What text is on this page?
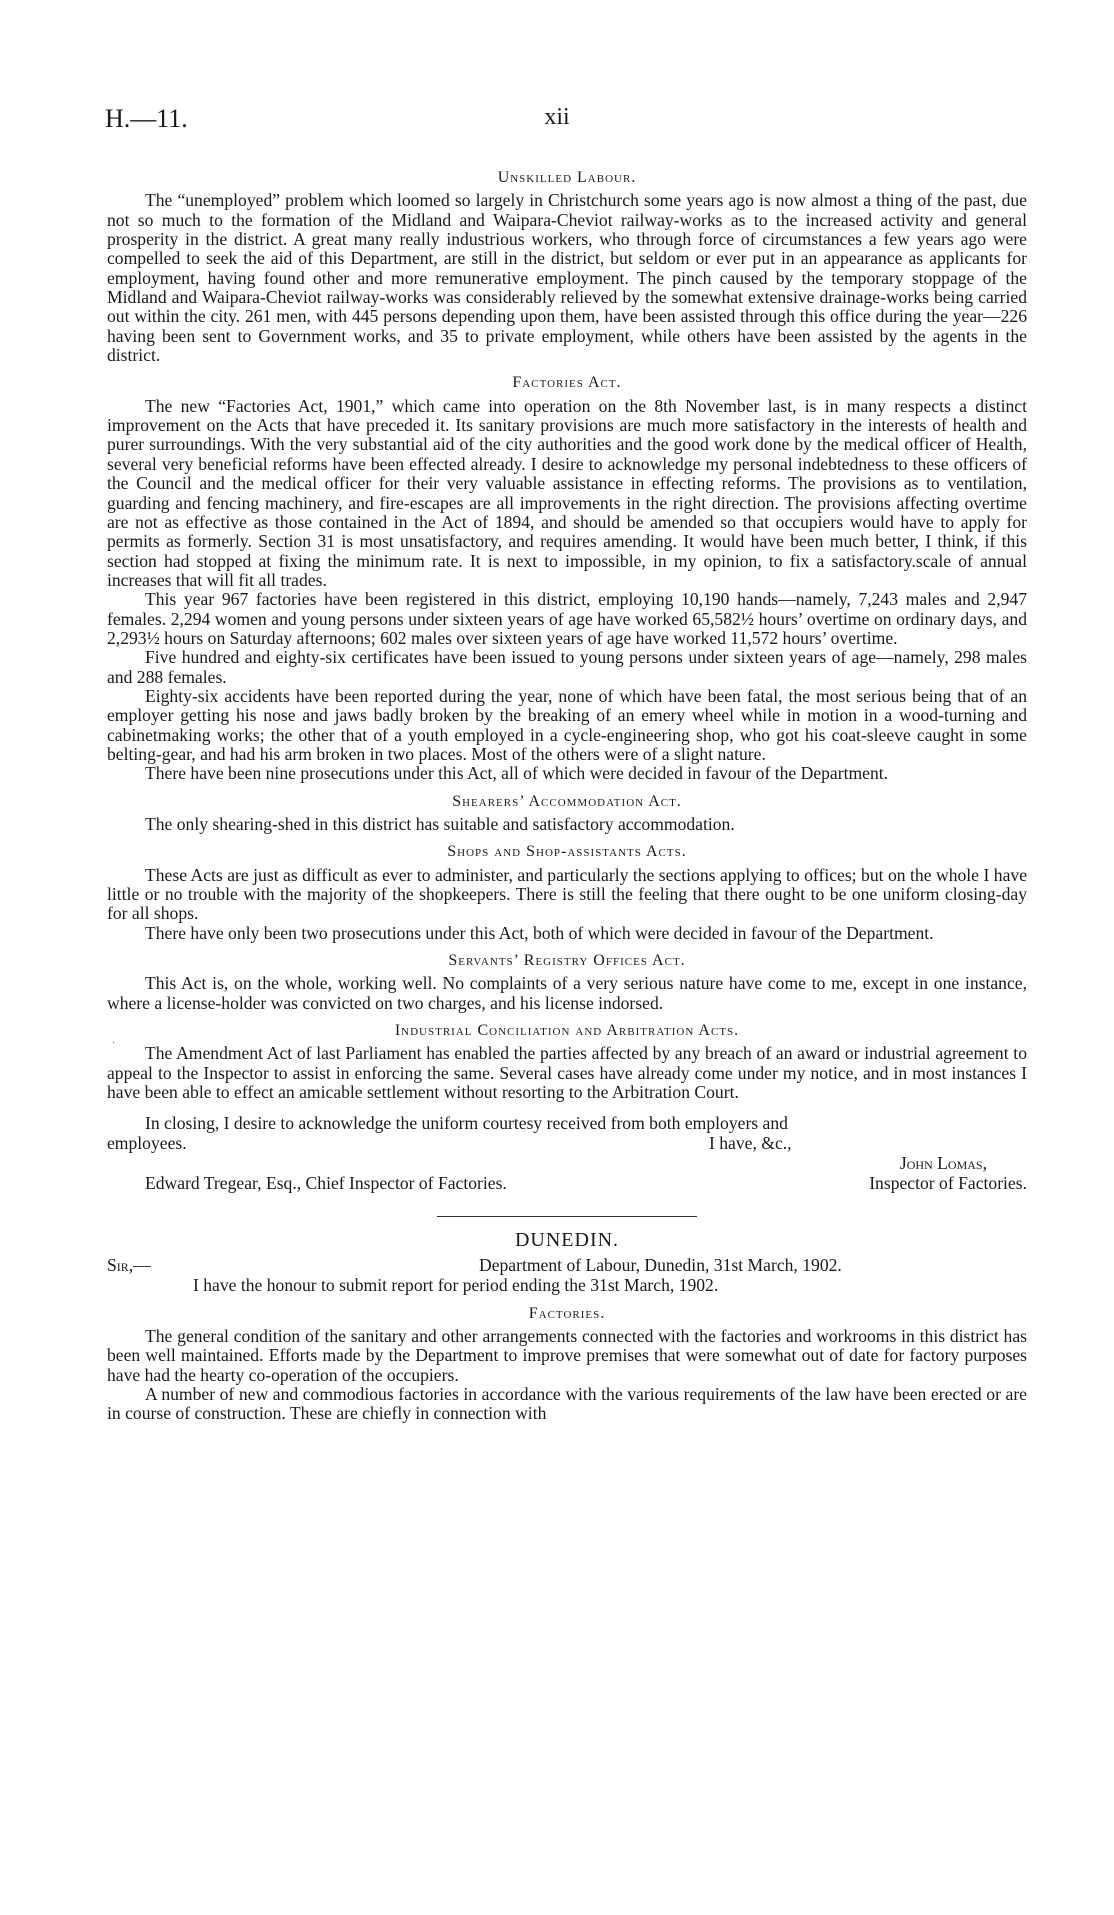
H.—11.	xii
·
Unskilled Labour.

The “unemployed” problem which loomed so largely in Christchurch some years ago is now almost a thing of the past, due not so much to the formation of the Midland and Waipara-Cheviot railway-works as to the increased activity and general prosperity in the district. A great many really industrious workers, who through force of circumstances a few years ago were compelled to seek the aid of this Department, are still in the district, but seldom or ever put in an appearance as applicants for employment, having found other and more remunerative employment. The pinch caused by the temporary stoppage of the Midland and Waipara-Cheviot railway-works was considerably relieved by the somewhat extensive drainage-works being carried out within the city. 261 men, with 445 persons depending upon them, have been assisted through this office during the year—226 having been sent to Government works, and 35 to private employment, while others have been assisted by the agents in the district.

Factories Act.

The new “Factories Act, 1901,” which came into operation on the 8th November last, is in many respects a distinct improvement on the Acts that have preceded it. Its sanitary provisions are much more satisfactory in the interests of health and purer surroundings. With the very substantial aid of the city authorities and the good work done by the medical officer of Health, several very beneficial reforms have been effected already. I desire to acknowledge my personal indebtedness to these officers of the Council and the medical officer for their very valuable assistance in effecting reforms. The provisions as to ventilation, guarding and fencing machinery, and fire-escapes are all improvements in the right direction. The provisions affecting overtime are not as effective as those contained in the Act of 1894, and should be amended so that occupiers would have to apply for permits as formerly. Section 31 is most unsatisfactory, and requires amending. It would have been much better, I think, if this section had stopped at fixing the minimum rate. It is next to impossible, in my opinion, to fix a satisfactory.scale of annual increases that will fit all trades.

This year 967 factories have been registered in this district, employing 10,190 hands—namely, 7,243 males and 2,947 females. 2,294 women and young persons under sixteen years of age have worked 65,582½ hours’ overtime on ordinary days, and 2,293½ hours on Saturday afternoons; 602 males over sixteen years of age have worked 11,572 hours’ overtime.

Five hundred and eighty-six certificates have been issued to young persons under sixteen years of age—namely, 298 males and 288 females.

Eighty-six accidents have been reported during the year, none of which have been fatal, the most serious being that of an employer getting his nose and jaws badly broken by the breaking of an emery wheel while in motion in a wood-turning and cabinetmaking works; the other that of a youth employed in a cycle-engineering shop, who got his coat-sleeve caught in some belting-gear, and had his arm broken in two places. Most of the others were of a slight nature.

There have been nine prosecutions under this Act, all of which were decided in favour of the Department.

Shearers’ Accommodation Act.

The only shearing-shed in this district has suitable and satisfactory accommodation.

Shops and Shop-assistants Acts.

These Acts are just as difficult as ever to administer, and particularly the sections applying to offices; but on the whole I have little or no trouble with the majority of the shopkeepers. There is still the feeling that there ought to be one uniform closing-day for all shops.

There have only been two prosecutions under this Act, both of which were decided in favour of the Department.

Servants’ Registry Offices Act.

This Act is, on the whole, working well. No complaints of a very serious nature have come to me, except in one instance, where a license-holder was convicted on two charges, and his license indorsed.

Industrial Conciliation and Arbitration Acts.

The Amendment Act of last Parliament has enabled the parties affected by any breach of an award or industrial agreement to appeal to the Inspector to assist in enforcing the same. Several cases have already come under my notice, and in most instances I have been able to effect an amicable settlement without resorting to the Arbitration Court.

In closing, I desire to acknowledge the uniform courtesy received from both employers and

employees.	I have, &c.,
John Lomas,
Edward Tregear, Esq., Chief Inspector of Factories.	Inspector of Factories.
DUNEDIN.
Sir,—	Department of Labour, Dunedin, 31st March, 1902.
I have the honour to submit report for period ending the 31st March, 1902.
Factories.

The general condition of the sanitary and other arrangements connected with the factories and workrooms in this district has been well maintained. Efforts made by the Department to improve premises that were somewhat out of date for factory purposes have had the hearty co-operation of the occupiers.

A number of new and commodious factories in accordance with the various requirements of the law have been erected or are in course of construction. These are chiefly in connection with
